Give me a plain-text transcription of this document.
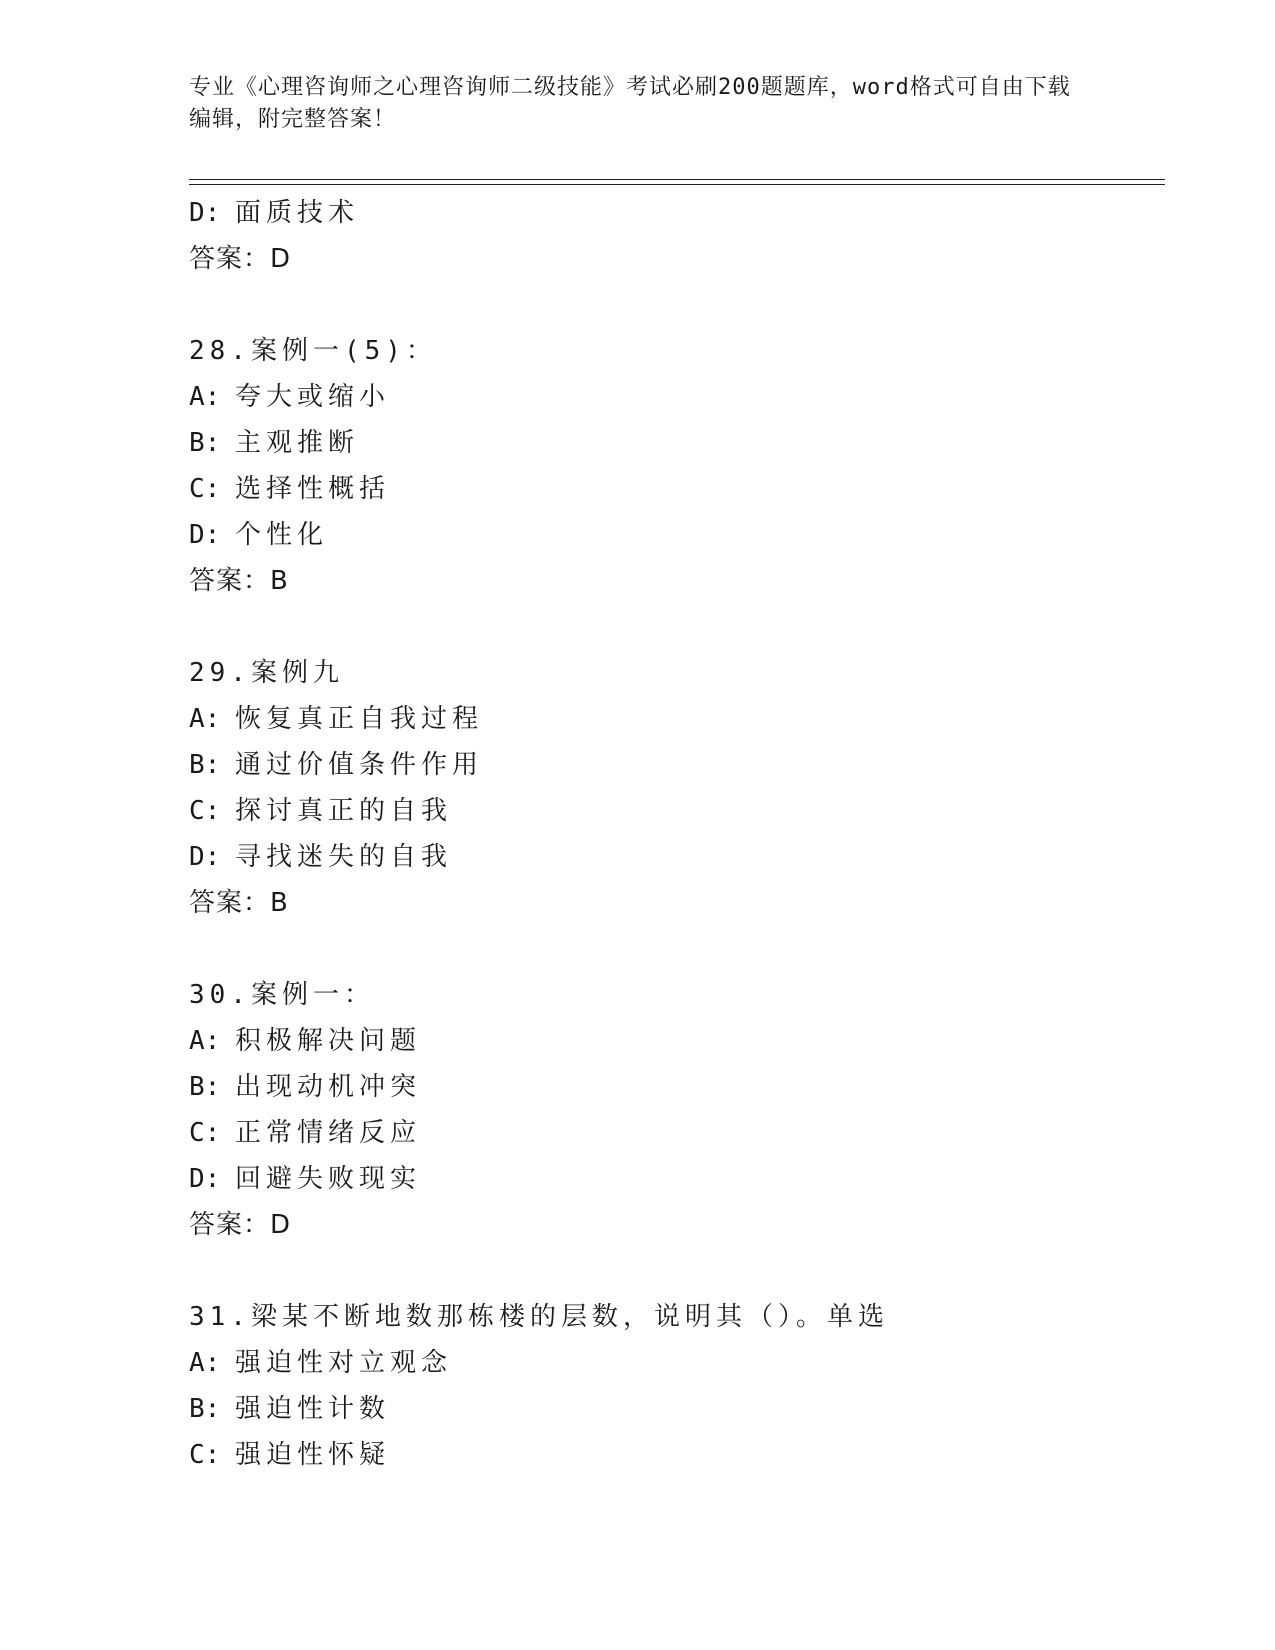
专业《心理咨询师之心理咨询师二级技能》考试必刷200题题库，word格式可自由下载编辑，附完整答案！
D: 面质技术
答案：D
28.案例一(5)：
A: 夸大或缩小
B: 主观推断
C: 选择性概括
D: 个性化
答案：B
29.案例九
A: 恢复真正自我过程
B: 通过价值条件作用
C: 探讨真正的自我
D: 寻找迷失的自我
答案：B
30.案例一：
A: 积极解决问题
B: 出现动机冲突
C: 正常情绪反应
D: 回避失败现实
答案：D
31.梁某不断地数那栋楼的层数，说明其（）。单选
A: 强迫性对立观念
B: 强迫性计数
C: 强迫性怀疑
